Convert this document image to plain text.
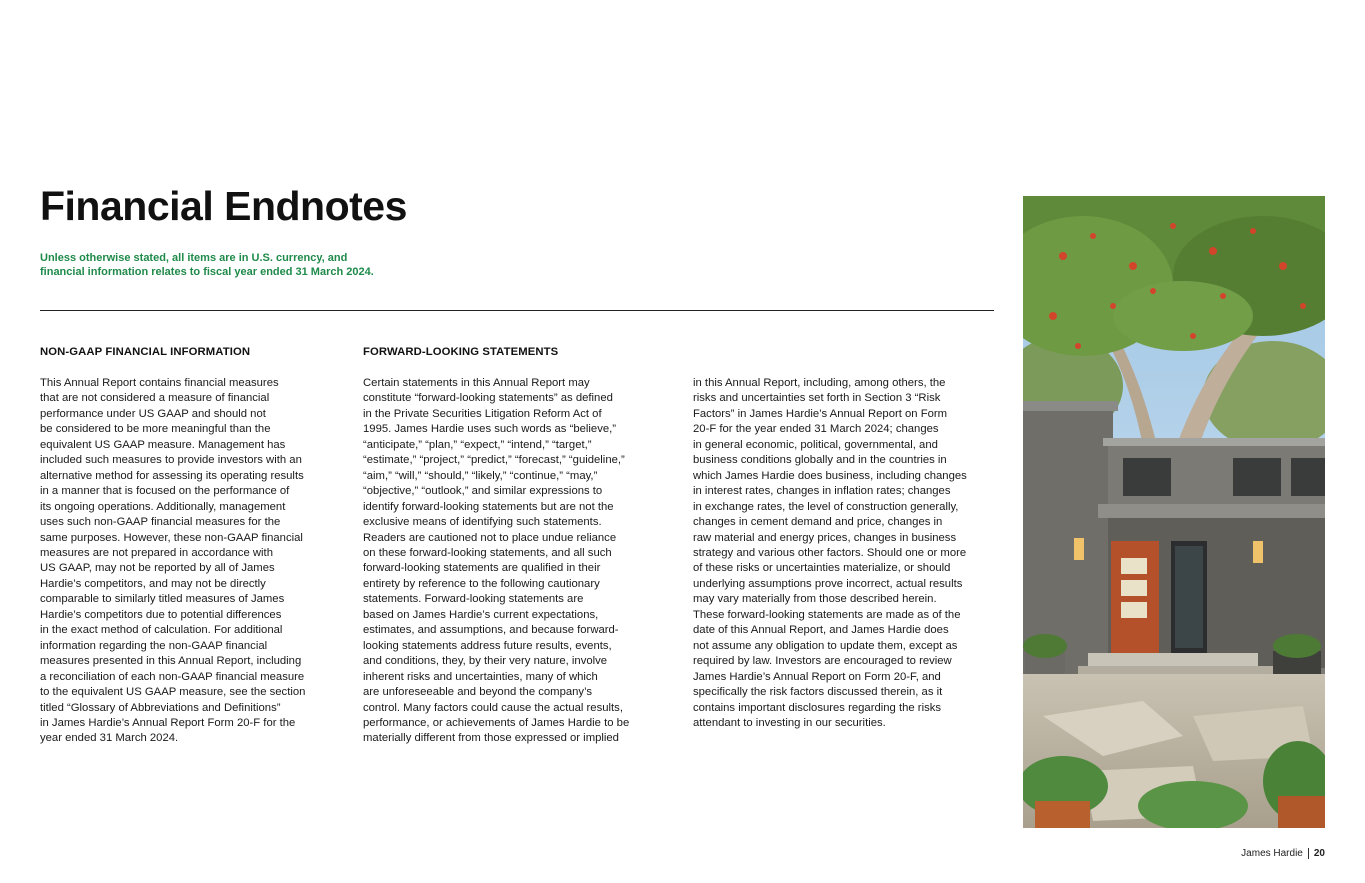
Financial Endnotes
Unless otherwise stated, all items are in U.S. currency, and
financial information relates to fiscal year ended 31 March 2024.
NON-GAAP FINANCIAL INFORMATION	FORWARD-LOOKING STATEMENTS
This Annual Report contains financial measures
that are not considered a measure of financial
performance under US GAAP and should not
be considered to be more meaningful than the
equivalent US GAAP measure. Management has
included such measures to provide investors with an
alternative method for assessing its operating results
in a manner that is focused on the performance of
its ongoing operations. Additionally, management
uses such non-GAAP financial measures for the
same purposes. However, these non-GAAP financial
measures are not prepared in accordance with
US GAAP, may not be reported by all of James
Hardie’s competitors, and may not be directly
comparable to similarly titled measures of James
Hardie’s competitors due to potential differences
in the exact method of calculation. For additional
information regarding the non-GAAP financial
measures presented in this Annual Report, including
a reconciliation of each non-GAAP financial measure
to the equivalent US GAAP measure, see the section
titled “Glossary of Abbreviations and Definitions”
in James Hardie’s Annual Report Form 20-F for the
year ended 31 March 2024.
Certain statements in this Annual Report may
constitute “forward-looking statements” as defined
in the Private Securities Litigation Reform Act of
1995. James Hardie uses such words as “believe,”
“anticipate,” “plan,” “expect,” “intend,” “target,”
“estimate,” “project,” “predict,” “forecast,” “guideline,”
“aim,” “will,” “should,” “likely,” “continue,” “may,”
“objective,” “outlook,” and similar expressions to
identify forward-looking statements but are not the
exclusive means of identifying such statements.
Readers are cautioned not to place undue reliance
on these forward-looking statements, and all such
forward-looking statements are qualified in their
entirety by reference to the following cautionary
statements. Forward-looking statements are
based on James Hardie’s current expectations,
estimates, and assumptions, and because forward-
looking statements address future results, events,
and conditions, they, by their very nature, involve
inherent risks and uncertainties, many of which
are unforeseeable and beyond the company’s
control. Many factors could cause the actual results,
performance, or achievements of James Hardie to be
materially different from those expressed or implied
in this Annual Report, including, among others, the
risks and uncertainties set forth in Section 3 “Risk
Factors” in James Hardie’s Annual Report on Form
20-F for the year ended 31 March 2024; changes
in general economic, political, governmental, and
business conditions globally and in the countries in
which James Hardie does business, including changes
in interest rates, changes in inflation rates; changes
in exchange rates, the level of construction generally,
changes in cement demand and price, changes in
raw material and energy prices, changes in business
strategy and various other factors. Should one or more
of these risks or uncertainties materialize, or should
underlying assumptions prove incorrect, actual results
may vary materially from those described herein.
These forward-looking statements are made as of the
date of this Annual Report, and James Hardie does
not assume any obligation to update them, except as
required by law. Investors are encouraged to review
James Hardie’s Annual Report on Form 20-F, and
specifically the risk factors discussed therein, as it
contains important disclosures regarding the risks
attendant to investing in our securities.
James Hardie 20
